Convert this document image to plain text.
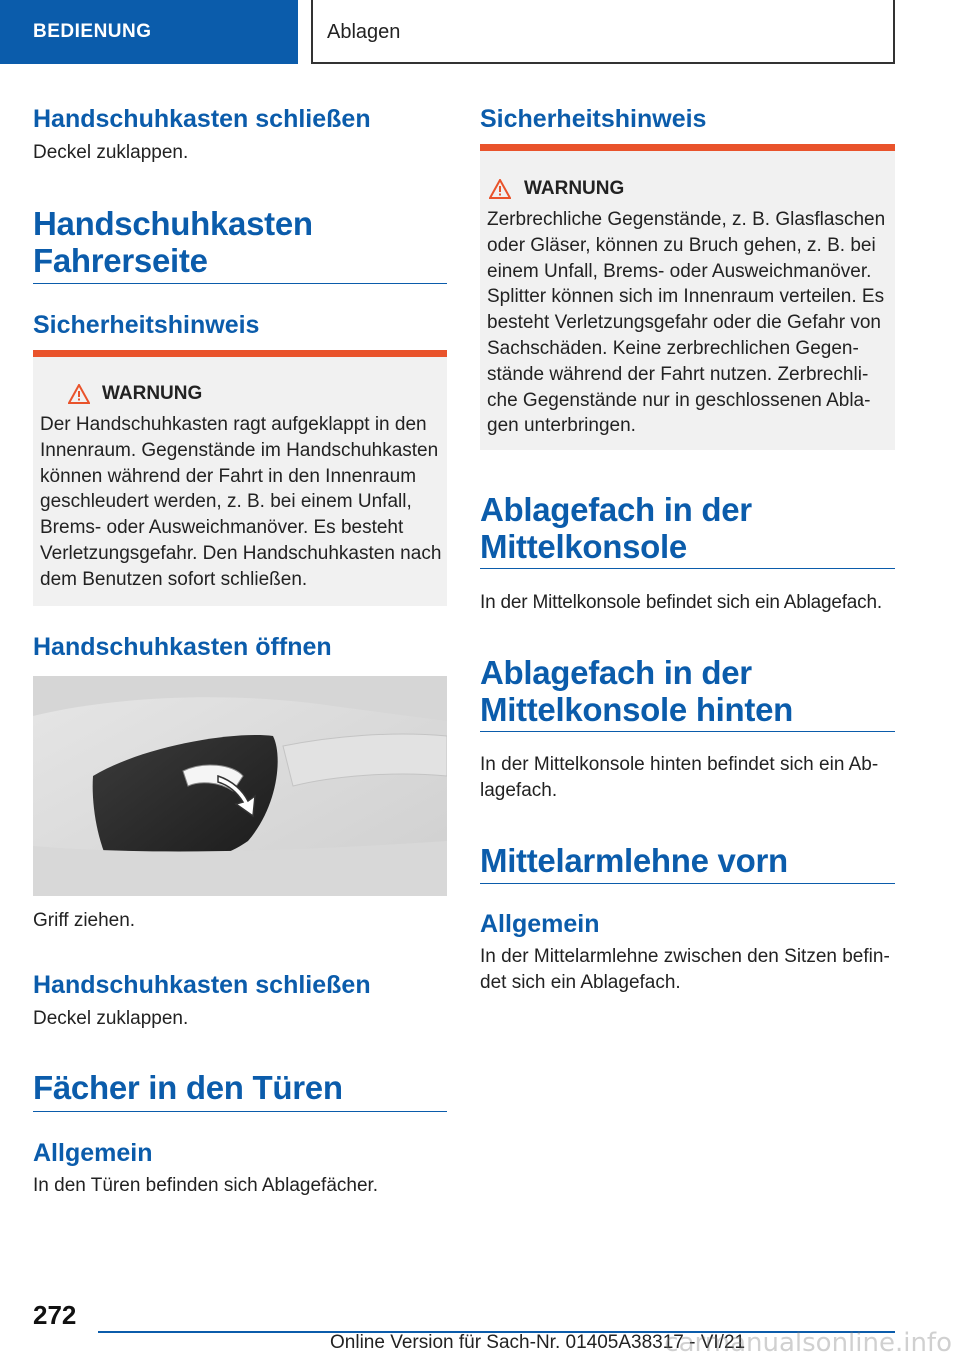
BEDIENUNG	Ablagen
Handschuhkasten schließen

Deckel zuklappen.

Handschuhkasten
Fahrerseite
Sicherheitshinweis
WARNUNG
Der Handschuhkasten ragt aufgeklappt in den Innenraum. Gegenstände im Handschuhkasten können während der Fahrt in den Innenraum geschleudert werden, z. B. bei einem Unfall, Brems- oder Ausweichmanöver. Es besteht Verletzungsgefahr. Den Handschuhkasten nach dem Benutzen sofort schließen.
Handschuhkasten öffnen

Griff ziehen.

Handschuhkasten schließen

Deckel zuklappen.

Fächer in den Türen
Allgemein

In den Türen befinden sich Ablagefächer.

Sicherheitshinweis
WARNUNG
Zerbrechliche Gegenstände, z. B. Glasflaschen oder Gläser, können zu Bruch gehen, z. B. bei einem Unfall, Brems- oder Ausweichmanöver. Splitter können sich im Innenraum verteilen. Es besteht Verletzungsgefahr oder die Gefahr von Sachschäden. Keine zerbrechlichen Gegenstände während der Fahrt nutzen. Zerbrechliche Gegenstände nur in geschlossenen Ablagen unterbringen.
Ablagefach in der
Mittelkonsole

In der Mittelkonsole befindet sich ein Ablagefach.

Ablagefach in der
Mittelkonsole hinten

In der Mittelkonsole hinten befindet sich ein Ablagefach.

Mittelarmlehne vorn
Allgemein

In der Mittelarmlehne zwischen den Sitzen befindet sich ein Ablagefach.

272
Online Version für Sach-Nr. 01405A38317 - VI/21
carmanualsonline.info
